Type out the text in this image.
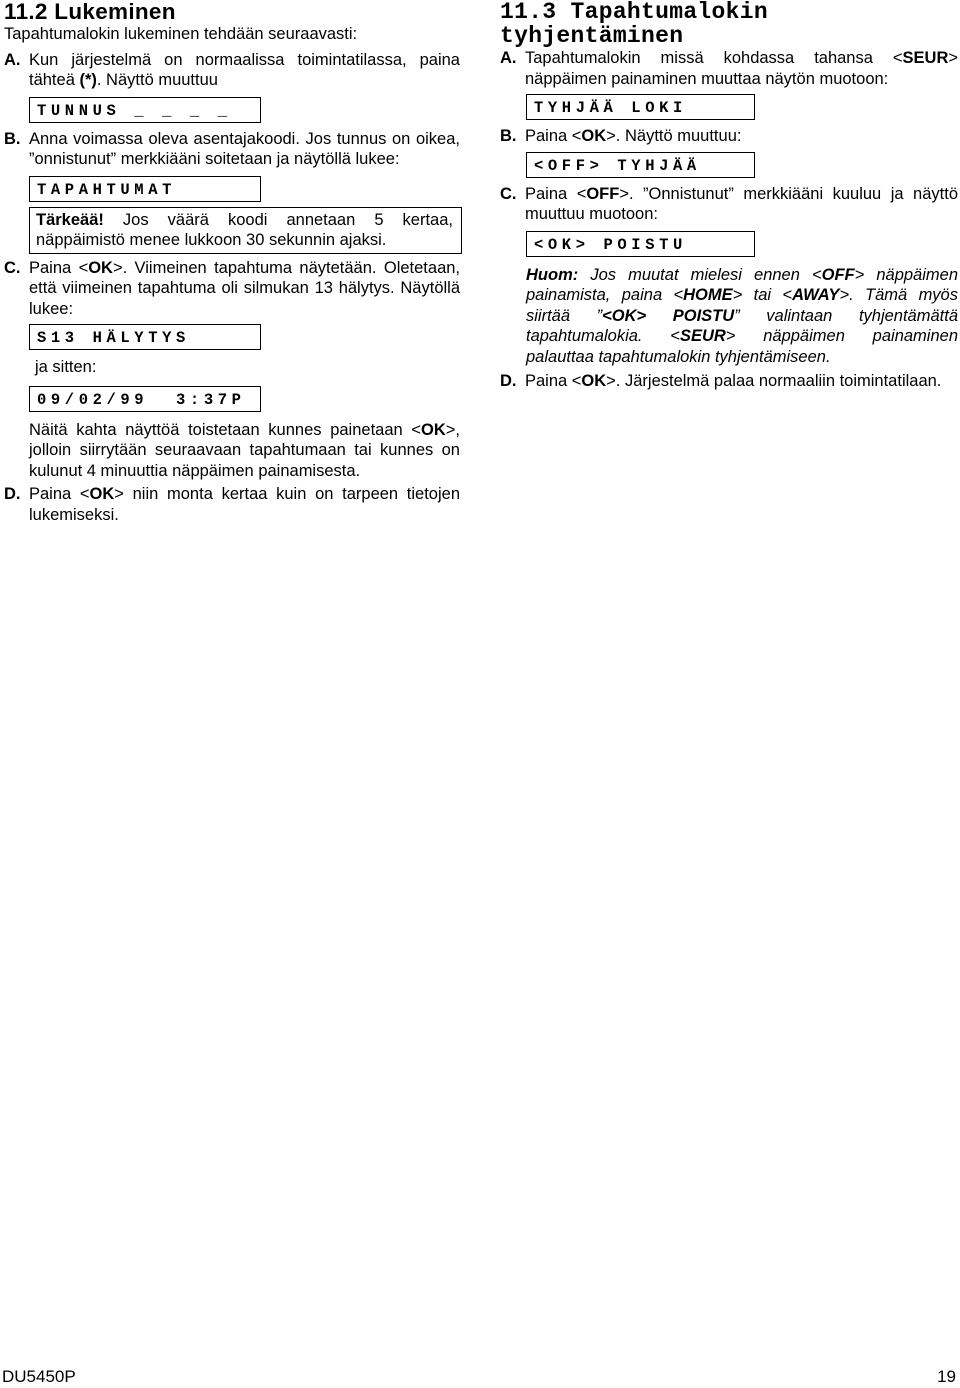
11.2 Lukeminen

Tapahtumalokin lukeminen tehdään seuraavasti:

A. Kun järjestelmä on normaalissa toimintatilassa, paina tähteä (*). Näyttö muuttuu

TUNNUS _ _ _ _

B. Anna voimassa oleva asentajakoodi. Jos tunnus on oikea, ”onnistunut” merkkiääni soitetaan ja näytöllä lukee:

TAPAHTUMAT
Tärkeää! Jos väärä koodi annetaan 5 kertaa, näppäimistö menee lukkoon 30 sekunnin ajaksi.

C. Paina <OK>. Viimeinen tapahtuma näytetään. Oletetaan, että viimeinen tapahtuma oli silmukan 13 hälytys. Näytöllä lukee:

S13 HÄLYTYS

ja sitten:

09/02/99  3:37P

Näitä kahta näyttöä toistetaan kunnes painetaan <OK>, jolloin siirrytään seuraavaan tapahtumaan tai kunnes on kulunut 4 minuuttia näppäimen painamisesta.

D. Paina <OK> niin monta kertaa kuin on tarpeen tietojen lukemiseksi.

11.3 Tapahtumalokin tyhjentäminen

A. Tapahtumalokin missä kohdassa tahansa <SEUR> näppäimen painaminen muuttaa näytön muotoon:

TYHJÄÄ LOKI

B. Paina <OK>. Näyttö muuttuu:

<OFF> TYHJÄÄ

C. Paina <OFF>. ”Onnistunut” merkkiääni kuuluu ja näyttö muuttuu muotoon:

<OK> POISTU

Huom: Jos muutat mielesi ennen <OFF> näppäimen painamista, paina <HOME> tai <AWAY>. Tämä myös siirtää ”<OK> POISTU” valintaan tyhjentämättä tapahtumalokia. <SEUR> näppäimen painaminen palauttaa tapahtumalokin tyhjentämiseen.

D. Paina <OK>. Järjestelmä palaa normaaliin toimintatilaan.

DU5450P	19
